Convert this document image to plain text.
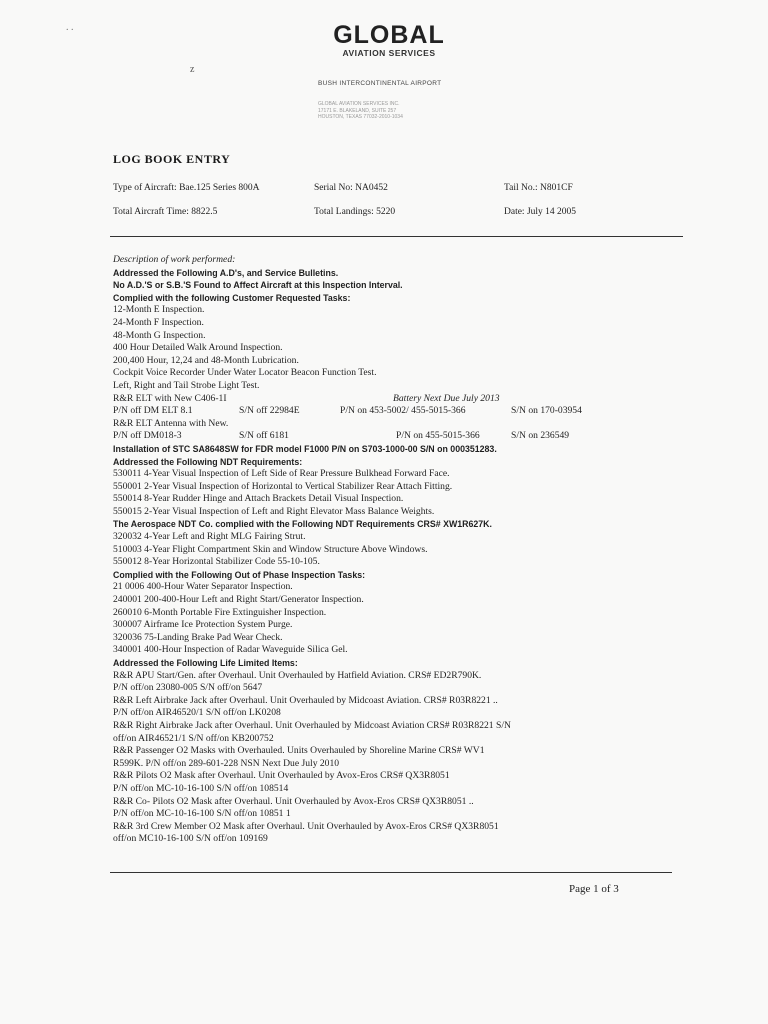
. .
z
GLOBAL
AVIATION SERVICES
BUSH INTERCONTINENTAL AIRPORT
GLOBAL AVIATION SERVICES INC.
17171 E. BLAKELAND, SUITE 257
HOUSTON, TEXAS 77032-2010-1034
LOG BOOK ENTRY
Type of Aircraft: Bae.125 Series 800A	Serial No: NA0452	Tail No.: N801CF
Total Aircraft Time: 8822.5	Total Landings: 5220	Date: July 14 2005
Description of work performed:
Addressed the Following A.D's, and Service Bulletins.
No A.D.'S or S.B.'S Found to Affect Aircraft at this Inspection Interval.
Complied with the following Customer Requested Tasks:
12-Month E Inspection.
24-Month F Inspection.
48-Month G Inspection.
400 Hour Detailed Walk Around Inspection.
200,400 Hour, 12,24 and 48-Month Lubrication.
Cockpit Voice Recorder Under Water Locator Beacon Function Test.
Left, Right and Tail Strobe Light Test.
R&R ELT with New C406-1I	Battery Next Due July 2013
P/N off DM ELT 8.1	S/N off 22984E	P/N on 453-5002/ 455-5015-366	S/N on 170-03954
R&R ELT Antenna with New.
P/N off DM018-3	S/N off 6181	P/N on 455-5015-366	S/N on 236549
Installation of STC SA8648SW for FDR model F1000 P/N on S703-1000-00 S/N on 000351283.
Addressed the Following NDT Requirements:
530011 4-Year Visual Inspection of Left Side of Rear Pressure Bulkhead Forward Face.
550001 2-Year Visual Inspection of Horizontal to Vertical Stabilizer Rear Attach Fitting.
550014 8-Year Rudder Hinge and Attach Brackets Detail Visual Inspection.
550015 2-Year Visual Inspection of Left and Right Elevator Mass Balance Weights.
The Aerospace NDT Co. complied with the Following NDT Requirements CRS# XW1R627K.
320032 4-Year Left and Right MLG Fairing Strut.
510003 4-Year Flight Compartment Skin and Window Structure Above Windows.
550012 8-Year Horizontal Stabilizer Code 55-10-105.
Complied with the Following Out of Phase Inspection Tasks:
21 0006 400-Hour Water Separator Inspection.
240001 200-400-Hour Left and Right Start/Generator Inspection.
260010 6-Month Portable Fire Extinguisher Inspection.
300007 Airframe Ice Protection System Purge.
320036 75-Landing Brake Pad Wear Check.
340001 400-Hour Inspection of Radar Waveguide Silica Gel.
Addressed the Following Life Limited Items:
R&R APU Start/Gen. after Overhaul. Unit Overhauled by Hatfield Aviation. CRS# ED2R790K.
P/N off/on 23080-005 S/N off/on 5647
R&R Left Airbrake Jack after Overhaul. Unit Overhauled by Midcoast Aviation. CRS# R03R8221 ..
P/N off/on AIR46520/1 S/N off/on LK0208
R&R Right Airbrake Jack after Overhaul. Unit Overhauled by Midcoast Aviation CRS# R03R8221 S/N
off/on AIR46521/1 S/N off/on KB200752
R&R Passenger O2 Masks with Overhauled. Units Overhauled by Shoreline Marine CRS# WV1
R599K. P/N off/on 289-601-228 NSN Next Due July 2010
R&R Pilots O2 Mask after Overhaul. Unit Overhauled by Avox-Eros CRS# QX3R8051
P/N off/on MC-10-16-100 S/N off/on 108514
R&R Co- Pilots O2 Mask after Overhaul. Unit Overhauled by Avox-Eros CRS# QX3R8051 ..
P/N off/on MC-10-16-100 S/N off/on 10851 1
R&R 3rd Crew Member O2 Mask after Overhaul. Unit Overhauled by Avox-Eros CRS# QX3R8051
off/on MC10-16-100 S/N off/on 109169
Page 1 of 3
